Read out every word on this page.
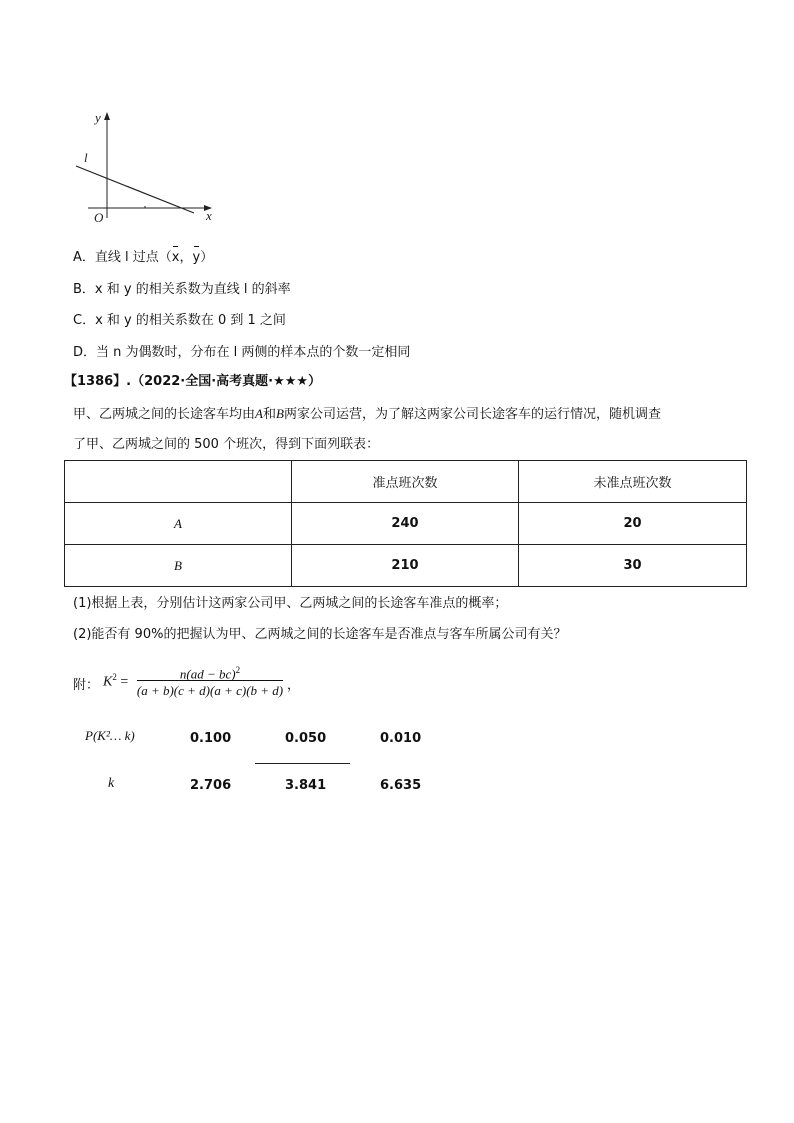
y
x
O
l
A．直线 l 过点（x，y）
B．x 和 y 的相关系数为直线 l 的斜率
C．x 和 y 的相关系数在 0 到 1 之间
D．当 n 为偶数时，分布在 l 两侧的样本点的个数一定相同
【1386】.（2022·全国·高考真题·★★★）
甲、乙两城之间的长途客车均由A和B两家公司运营，为了解这两家公司长途客车的运行情况，随机调查
了甲、乙两城之间的 500 个班次，得到下面列联表：
	准点班次数	未准点班次数
A	240	20
B	210	30
(1)根据上表，分别估计这两家公司甲、乙两城之间的长途客车准点的概率；
(2)能否有 90%的把握认为甲、乙两城之间的长途客车是否准点与客车所属公司有关？
附： $K^2$ =
n(ad − bc)$^2$
(a + b)(c + d)(a + c)(b + d) ，
P(K²… k)	0.100	0.050	0.010
k	2.706	3.841	6.635
